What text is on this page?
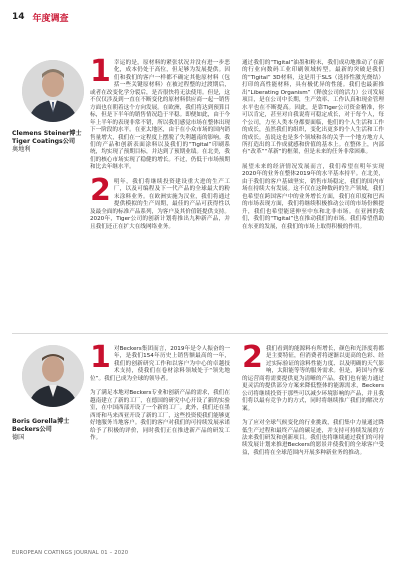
14 年度调查
Clemens Steiner博士
Tiger Coatings公司
奥地利

1 幸运的是，原材料的紧张状况并没有进一步恶化，成本仍处于高位，但足够为发展提供。因们和我们的客户一样都不确定其他原材料（包括一些关键原材料）在被过程整的过渡期后，或者在改变化学分裂后，是否很快将无法使用。但是，这不仅仅涉及到一直在不断变化的原材料供应商一起一销售方面也在朝着这个方向发展。在欧洲，我们将达到预算目标，但是下半年的销售情况趋于平稳。即便如此，由于今年上半年的表现非常不错，所以我们感觉市场在整体出现下一阶段的水平。在亚太地区，由于在小众市场的国内销售量增大，我们在一定程度上摆脱了失利越南的影响。我们的产品和创新表面涂料以及我们的“Tigital”印刷系统，均实现了预期目标，并达到了预期业绩。在北美，我们的核心市场实现了稳健的增长。不过，仍低于市场预期和比去年继水平。

2 明年，我们将继续投资建设重大进的生产工厂，以及可编程及下一代产品的全球最大的粉末涂料业务。在欧洲实施为汉业，我们将通过提供模拟的生产周期，最佳的产品可获得性以及最全面的标准产品系列，为客户及其价值链提供支持。2020年，Tiger公司的创新计划将推出九种新产品，并且我们还正在扩大在线网络业务。

通过我们的“Tigital”油墨和粉末，我们成功地推动了在新的行业向数码工业印刷领域转型。最新的突破是我们的“Tigital” 3D材料，这是用于SLS（选择性激光烧结）打印的高性能材料，具有极优异的性能。我们也最新推出“Liberating Organism”（释放公司的活力）公司发展项目，是在公司中长期，生产效率、工作认真和现金管理水平也在不断提高。因此，是靠Tiger公司资金精准，你可以肯定，甚至对自我说将可稳定成长，对于每个人，每个公司，力至人类本身都要面临，他们的个人生活和工作的成长，虽然我们的组织，变化出更多的个人生活和工作的成长。虽说这也是多个领域和各的关乎一个地方地方人所打造出的工作成就感和价值的基本上。在整体上，内部有“改革”“革新”的框架，但是未来的任务非常困难。

展望未来的经济情况发展而言，我们希望在明年实现2020年的业务在整体2019年的水平基本持平。在北美，由于我们的客户基础坚实，销售市场稳定，我们的国内市场在持续大有发展。这不仅在这种数码的生产领域，我们也希望在跨国客户中的业务增长方面，我们在印度和巴西的市场表现方面，我们将继续积极推动公司的市场份额提升，我们也希望能延伸至中东和北非市场。在亚洲的我们，我们的“Tigital”也在推动我们的市场。我们希望借助在东亚的发展，在我们的市场上取得积极的作用。

Boris Gorella博士
Beckers公司
德国

1 对Beckers集团而言，2019年是令人振奋的一年，是我们154年历史上销售额最高的一年，我们的创新研究工作和以客户为中心的卓越技术支持，使我们在卷材涂料领域处于“领先地位”。我们已成为全球的领导者。

为了满足本地对Beckers专业和创新产品的需求，我们在越南建立了新的工厂，在德国的研究中心开设了新的实验室，在中国西部开设了一个新的工厂。此外，我们还在墨西哥和马来西亚开设了新的工厂，这些投资使我们能够更好地服务当地客户。我们的客户对我们的可持续发展承诺给予了积极的评价，同时我们正在推进新产品的研发工作。

2 我们看到的能源料有所增长，颜色和光泽度将都是主要特征，但消费者将逐渐以更高的色彩、经过实际验证的涂料性能力度、以及明确的天气影响，太阳能等等的服务需求。但是，跨国与作家的运营商将需要提供更为清晰的产品。我们也有能力通过更灵活的提供部分方案来降低整体的能源需求，Beckers公司将继续投资于那些可以减少环境影响的产品，并且我们将以最有竞争力的方式，同时将继续推广我们的解决方案。

为了应对全球气候变化的行业挑战，我们集中力量通过降低生产过程和最终产品的碳足迹，并支持可持续发展的方法来我们研发和创新项目。我们也将继续通过我们的可持续发展计划来推进Beckers的愿景并使我们的全球客户受益，我们将在全球范围内开展多种新业务的推动。

EUROPEAN COATINGS JOURNAL 01 – 2020
